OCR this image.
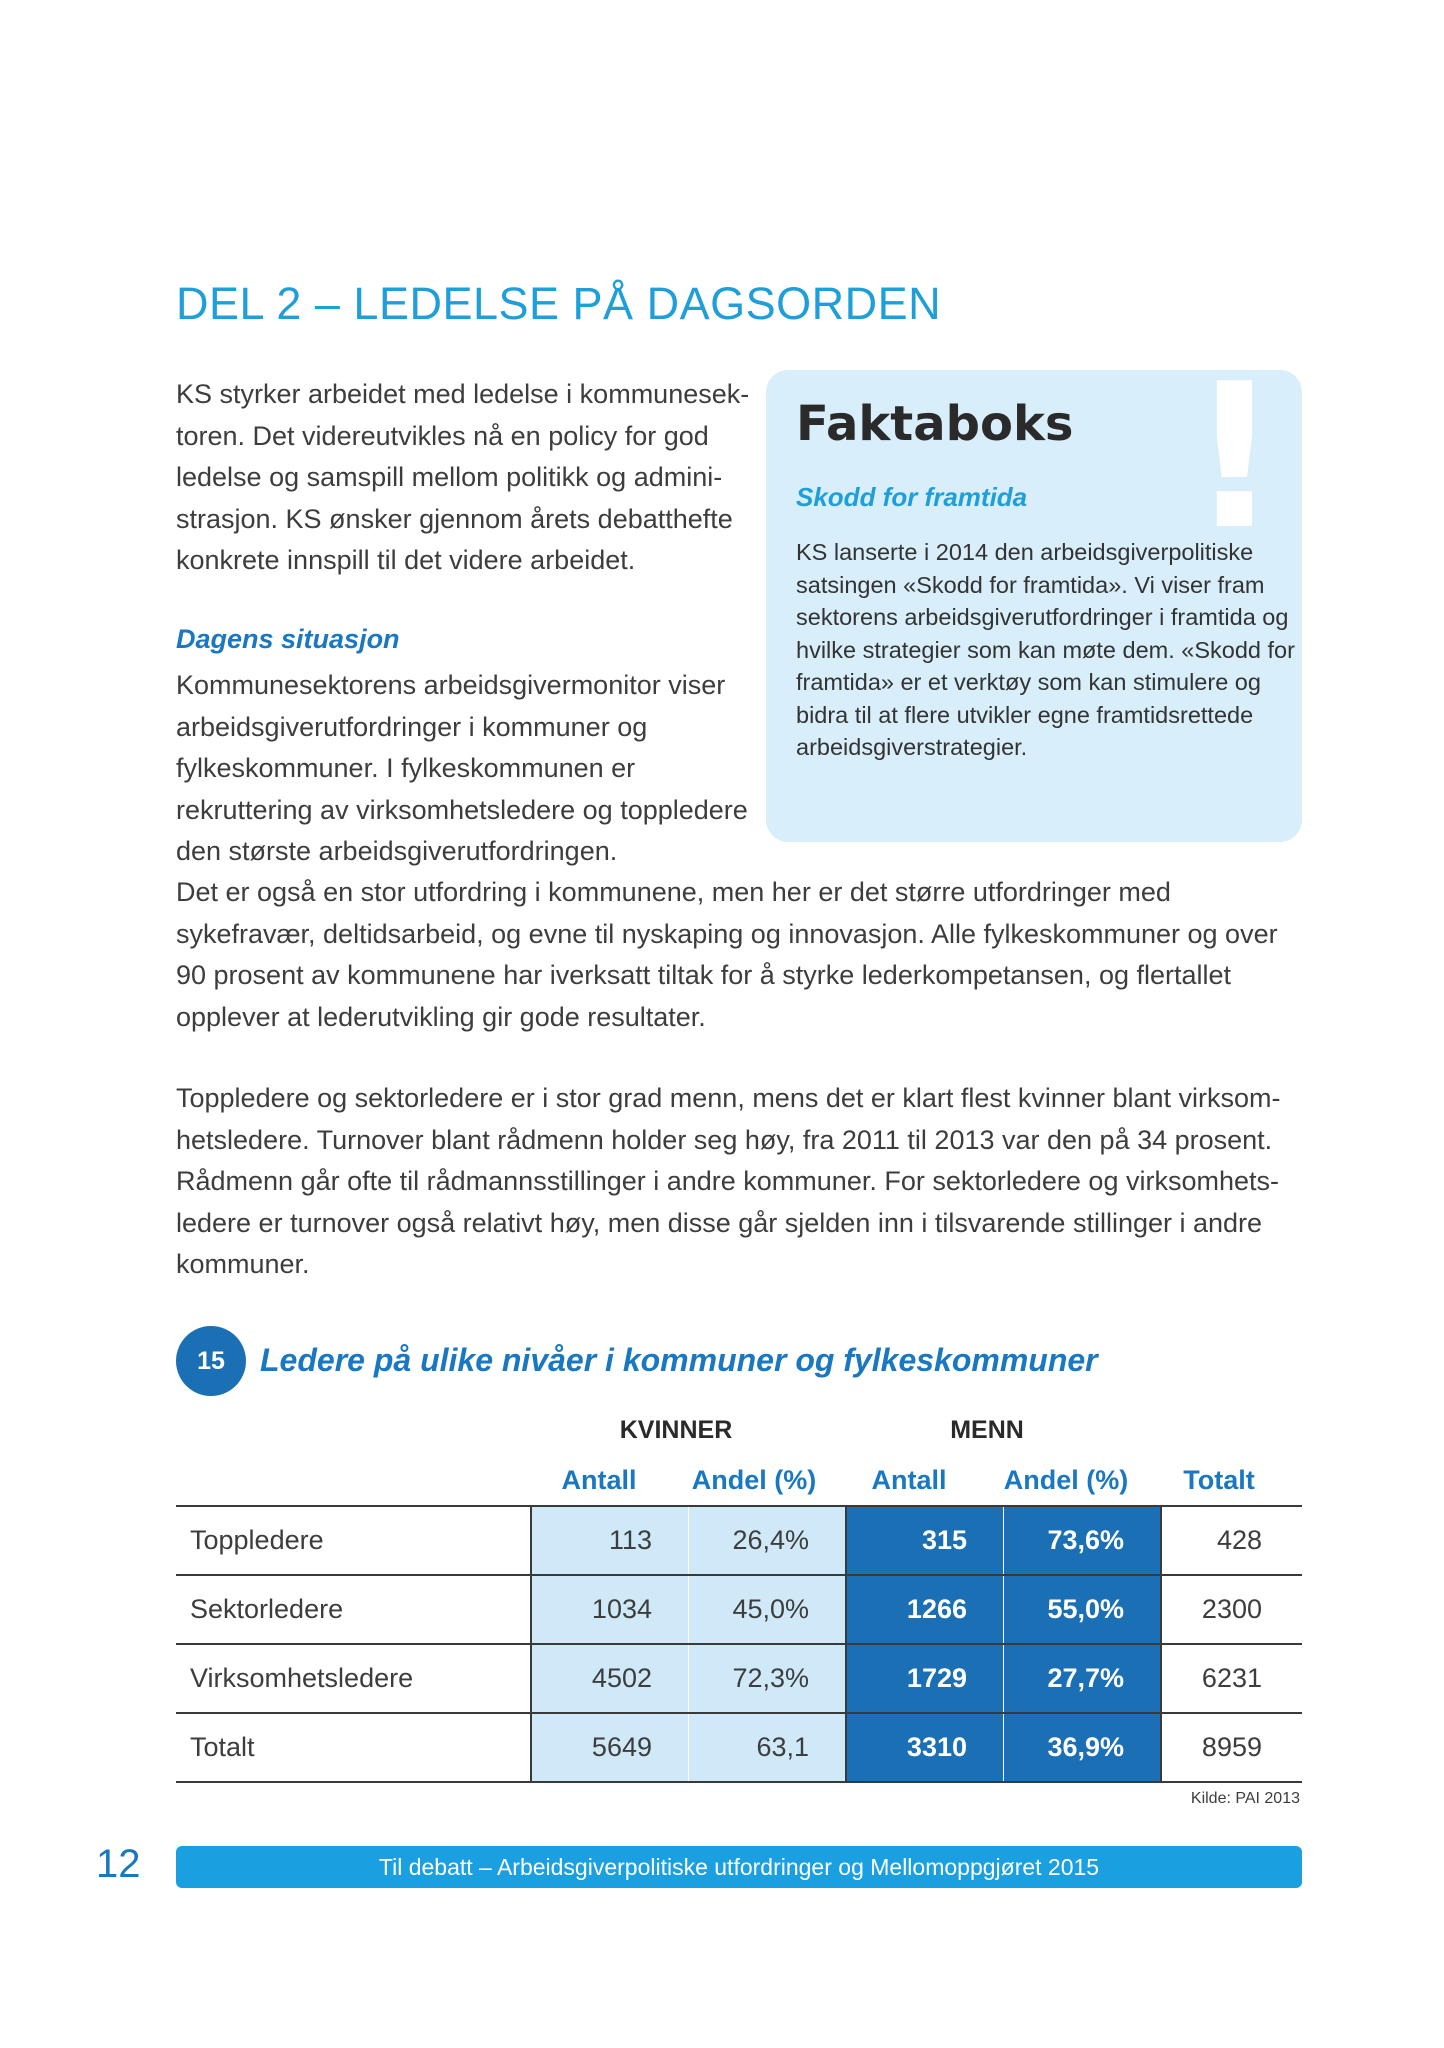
DEL 2 – LEDELSE PÅ DAGSORDEN

KS styrker arbeidet med ledelse i kommunesektoren. Det videreutvikles nå en policy for god ledelse og samspill mellom politikk og administrasjon. KS ønsker gjennom årets debatthefte konkrete innspill til det videre arbeidet.	!
Faktaboks
Skodd for framtida

KS lanserte i 2014 den arbeidsgiverpolitiske satsingen «Skodd for framtida». Vi viser fram sektorens arbeidsgiverutfordringer i framtida og hvilke strategier som kan møte dem. «Skodd for framtida» er et verktøy som kan stimulere og bidra til at flere utvikler egne framtidsrettede arbeidsgiverstrategier.

Dagens situasjon

Kommunesektorens arbeidsgivermonitor viser arbeidsgiverutfordringer i kommuner og fylkeskommuner. I fylkeskommunen er rekruttering av virksomhetsledere og toppledere den største arbeidsgiverutfordringen.

Det er også en stor utfordring i kommunene, men her er det større utfordringer med sykefravær, deltidsarbeid, og evne til nyskaping og innovasjon. Alle fylkeskommuner og over 90 prosent av kommunene har iverksatt tiltak for å styrke lederkompetansen, og flertallet opplever at lederutvikling gir gode resultater.

Toppledere og sektorledere er i stor grad menn, mens det er klart flest kvinner blant virksomhetsledere. Turnover blant rådmenn holder seg høy, fra 2011 til 2013 var den på 34 prosent. Rådmenn går ofte til rådmannsstillinger i andre kommuner. For sektorledere og virksomhetsledere er turnover også relativt høy, men disse går sjelden inn i tilsvarende stillinger i andre kommuner.

15	Ledere på ulike nivåer i kommuner og fylkeskommuner
KVINNER	MENN
Antall	Andel (%)	Antall	Andel (%)	Totalt
Toppledere	113	26,4%	315	73,6%	428
Sektorledere	1034	45,0%	1266	55,0%	2300
Virksomhetsledere	4502	72,3%	1729	27,7%	6231
Totalt	5649	63,1	3310	36,9%	8959
Kilde: PAI 2013
12	Til debatt – Arbeidsgiverpolitiske utfordringer og Mellomoppgjøret 2015
